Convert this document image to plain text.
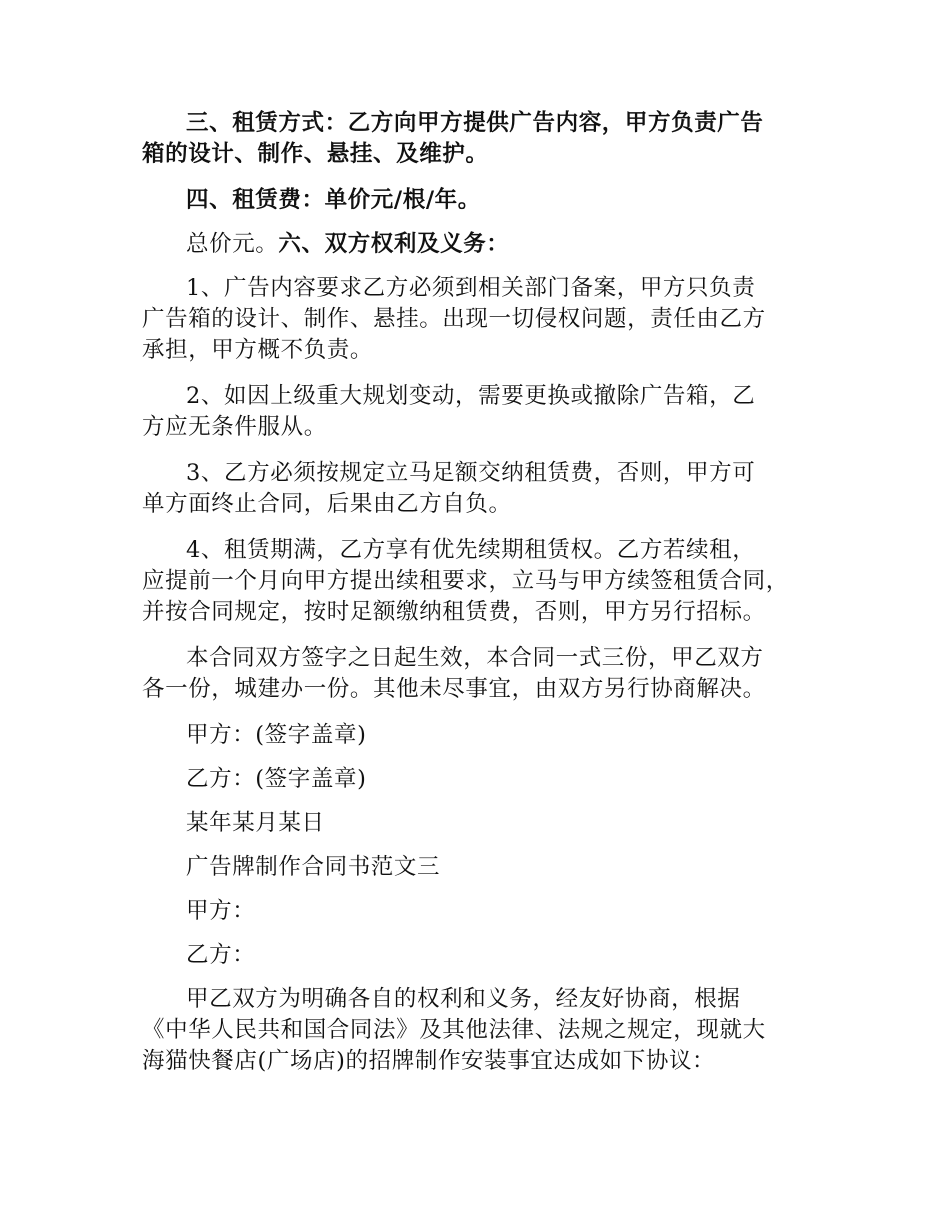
三、租赁方式：乙方向甲方提供广告内容，甲方负责广告
箱的设计、制作、悬挂、及维护。

四、租赁费：单价元/根/年。

总价元。六、双方权利及义务：

1、广告内容要求乙方必须到相关部门备案，甲方只负责
广告箱的设计、制作、悬挂。出现一切侵权问题，责任由乙方
承担，甲方概不负责。

2、如因上级重大规划变动，需要更换或撤除广告箱，乙
方应无条件服从。

3、乙方必须按规定立马足额交纳租赁费，否则，甲方可
单方面终止合同，后果由乙方自负。

4、租赁期满，乙方享有优先续期租赁权。乙方若续租，
应提前一个月向甲方提出续租要求，立马与甲方续签租赁合同，
并按合同规定，按时足额缴纳租赁费，否则，甲方另行招标。

本合同双方签字之日起生效，本合同一式三份，甲乙双方
各一份，城建办一份。其他未尽事宜，由双方另行协商解决。

甲方：(签字盖章)

乙方：(签字盖章)

某年某月某日

广告牌制作合同书范文三

甲方：

乙方：

甲乙双方为明确各自的权利和义务，经友好协商，根据
《中华人民共和国合同法》及其他法律、法规之规定，现就大
海猫快餐店(广场店)的招牌制作安装事宜达成如下协议：
